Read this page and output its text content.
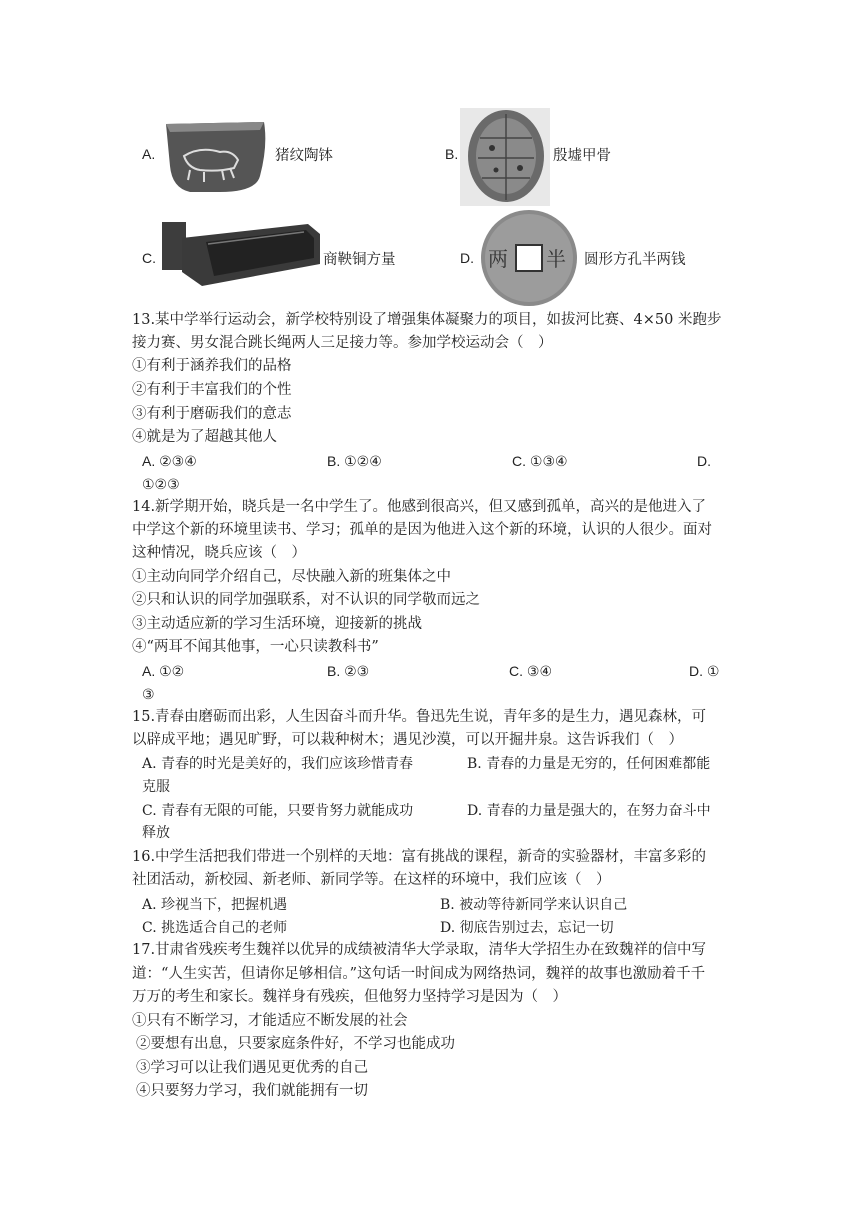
A.	猪纹陶钵	B.	殷墟甲骨
C.	商鞅铜方量	D. 两 半 圆形方孔半两钱
13.某中学举行运动会，新学校特别设了增强集体凝聚力的项目，如拔河比赛、4×50 米跑步
接力赛、男女混合跳长绳两人三足接力等。参加学校运动会（　）
①有利于涵养我们的品格
②有利于丰富我们的个性
③有利于磨砺我们的意志
④就是为了超越其他人
A. ②③④	B. ①②④	C. ①③④	D.
①②③
14.新学期开始，晓兵是一名中学生了。他感到很高兴，但又感到孤单，高兴的是他进入了
中学这个新的环境里读书、学习；孤单的是因为他进入这个新的环境，认识的人很少。面对
这种情况，晓兵应该（　）
①主动向同学介绍自己，尽快融入新的班集体之中
②只和认识的同学加强联系，对不认识的同学敬而远之
③主动适应新的学习生活环境，迎接新的挑战
④“两耳不闻其他事，一心只读教科书”
A. ①②	B. ②③	C. ③④	D. ①
③
15.青春由磨砺而出彩，人生因奋斗而升华。鲁迅先生说，青年多的是生力，遇见森林，可
以辟成平地；遇见旷野，可以栽种树木；遇见沙漠，可以开掘井泉。这告诉我们（　）
A. 青春的时光是美好的，我们应该珍惜青春	B. 青春的力量是无穷的，任何困难都能
克服
C. 青春有无限的可能，只要肯努力就能成功	D. 青春的力量是强大的，在努力奋斗中
释放
16.中学生活把我们带进一个别样的天地：富有挑战的课程，新奇的实验器材，丰富多彩的
社团活动，新校园、新老师、新同学等。在这样的环境中，我们应该（　）
A. 珍视当下，把握机遇	B. 被动等待新同学来认识自己
C. 挑选适合自己的老师	D. 彻底告别过去，忘记一切
17.甘肃省残疾考生魏祥以优异的成绩被清华大学录取，清华大学招生办在致魏祥的信中写
道：“人生实苦，但请你足够相信。”这句话一时间成为网络热词，魏祥的故事也激励着千千
万万的考生和家长。魏祥身有残疾，但他努力坚持学习是因为（　）
①只有不断学习，才能适应不断发展的社会
②要想有出息，只要家庭条件好，不学习也能成功
③学习可以让我们遇见更优秀的自己
④只要努力学习，我们就能拥有一切
